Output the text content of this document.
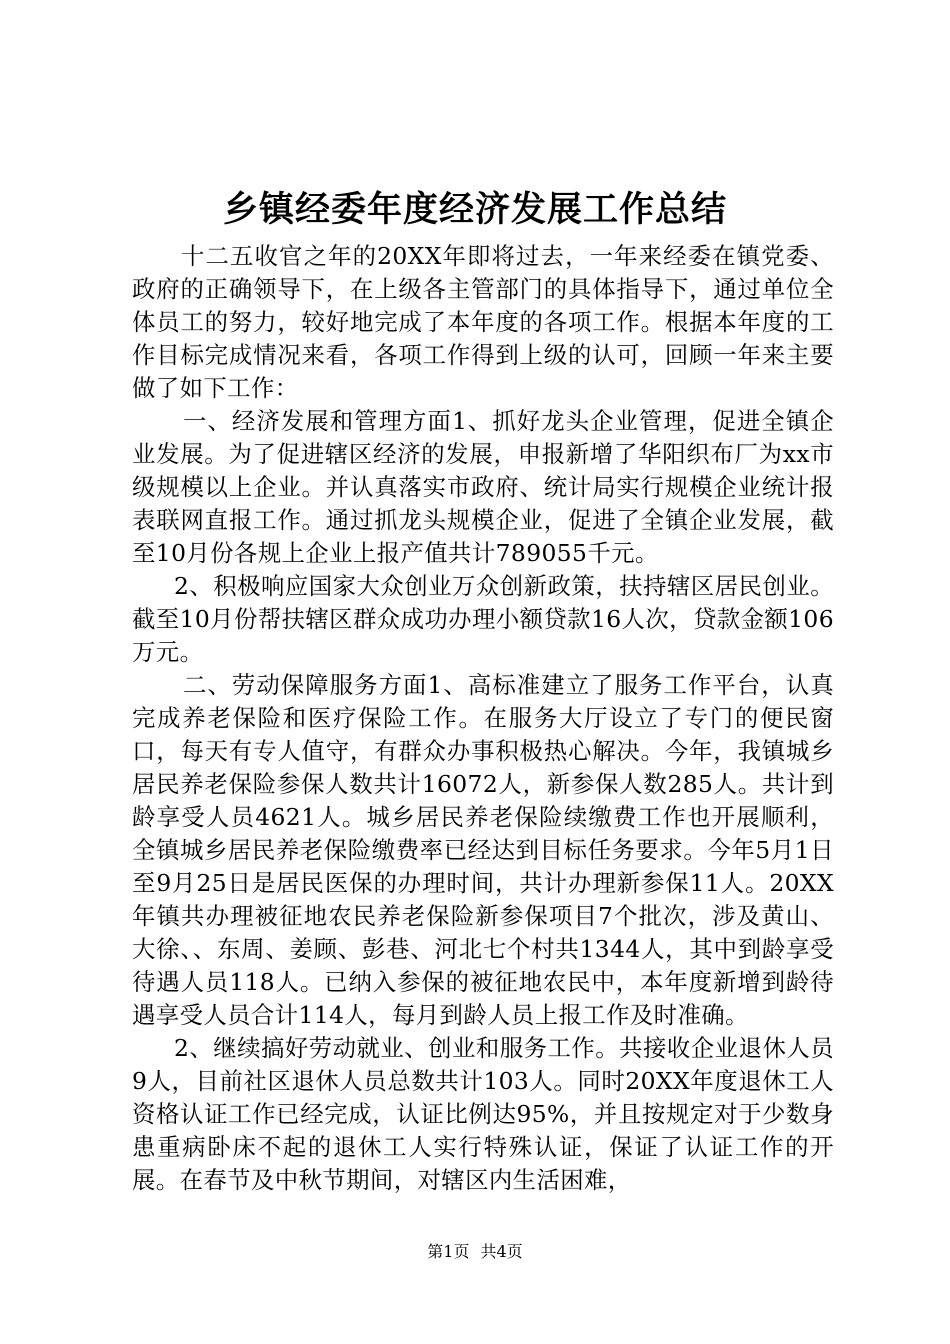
乡镇经委年度经济发展工作总结

十二五收官之年的20XX年即将过去，一年来经委在镇党委、政府的正确领导下，在上级各主管部门的具体指导下，通过单位全体员工的努力，较好地完成了本年度的各项工作。根据本年度的工作目标完成情况来看，各项工作得到上级的认可，回顾一年来主要做了如下工作：

一、经济发展和管理方面1、抓好龙头企业管理，促进全镇企业发展。为了促进辖区经济的发展，申报新增了华阳织布厂为xx市级规模以上企业。并认真落实市政府、统计局实行规模企业统计报表联网直报工作。通过抓龙头规模企业，促进了全镇企业发展，截至10月份各规上企业上报产值共计789055千元。

2、积极响应国家大众创业万众创新政策，扶持辖区居民创业。截至10月份帮扶辖区群众成功办理小额贷款16人次，贷款金额106万元。

二、劳动保障服务方面1、高标准建立了服务工作平台，认真完成养老保险和医疗保险工作。在服务大厅设立了专门的便民窗口，每天有专人值守，有群众办事积极热心解决。今年，我镇城乡居民养老保险参保人数共计16072人，新参保人数285人。共计到龄享受人员4621人。城乡居民养老保险续缴费工作也开展顺利，全镇城乡居民养老保险缴费率已经达到目标任务要求。今年5月1日至9月25日是居民医保的办理时间，共计办理新参保11人。20XX年镇共办理被征地农民养老保险新参保项目7个批次，涉及黄山、大徐、、东周、姜顾、彭巷、河北七个村共1344人，其中到龄享受待遇人员118人。已纳入参保的被征地农民中，本年度新增到龄待遇享受人员合计114人，每月到龄人员上报工作及时准确。

2、继续搞好劳动就业、创业和服务工作。共接收企业退休人员9人，目前社区退休人员总数共计103人。同时20XX年度退休工人资格认证工作已经完成，认证比例达95%，并且按规定对于少数身患重病卧床不起的退休工人实行特殊认证，保证了认证工作的开展。在春节及中秋节期间，对辖区内生活困难，

第1页 共4页
